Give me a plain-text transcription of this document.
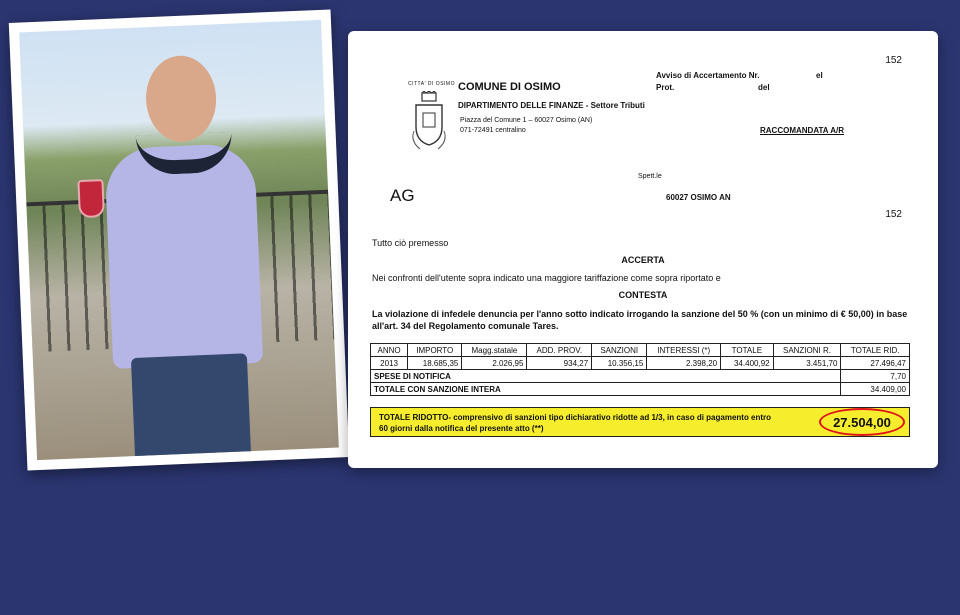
152
CITTA' DI OSIMO COMUNE DI OSIMO
DIPARTIMENTO DELLE FINANZE - Settore Tributi
Piazza del Comune 1 – 60027 Osimo (AN)
071-72491 centralino
Avviso di Accertamento Nr.	el
Prot.	del
RACCOMANDATA A/R
Spett.le
AG	60027 OSIMO AN
152
Tutto ciò premesso
ACCERTA
Nei confronti dell'utente sopra indicato una maggiore tariffazione come sopra riportato e
CONTESTA
La violazione di infedele denuncia per l'anno sotto indicato irrogando la sanzione del 50 % (con un minimo di € 50,00) in base all'art. 34 del Regolamento comunale Tares.
ANNO	IMPORTO	Magg.statale	ADD. PROV.	SANZIONI	INTERESSI (*)	TOTALE	SANZIONI R.	TOTALE RID.
2013	18.685,35	2.026,95	934,27	10.356,15	2.398,20	34.400,92	3.451,70	27.496,47
SPESE DI NOTIFICA								7,70
TOTALE CON SANZIONE INTERA								34.409,00
TOTALE RIDOTTO- comprensivo di sanzioni tipo dichiarativo ridotte ad 1/3, in caso di pagamento entro 60 giorni dalla notifica del presente atto (**)	27.504,00
